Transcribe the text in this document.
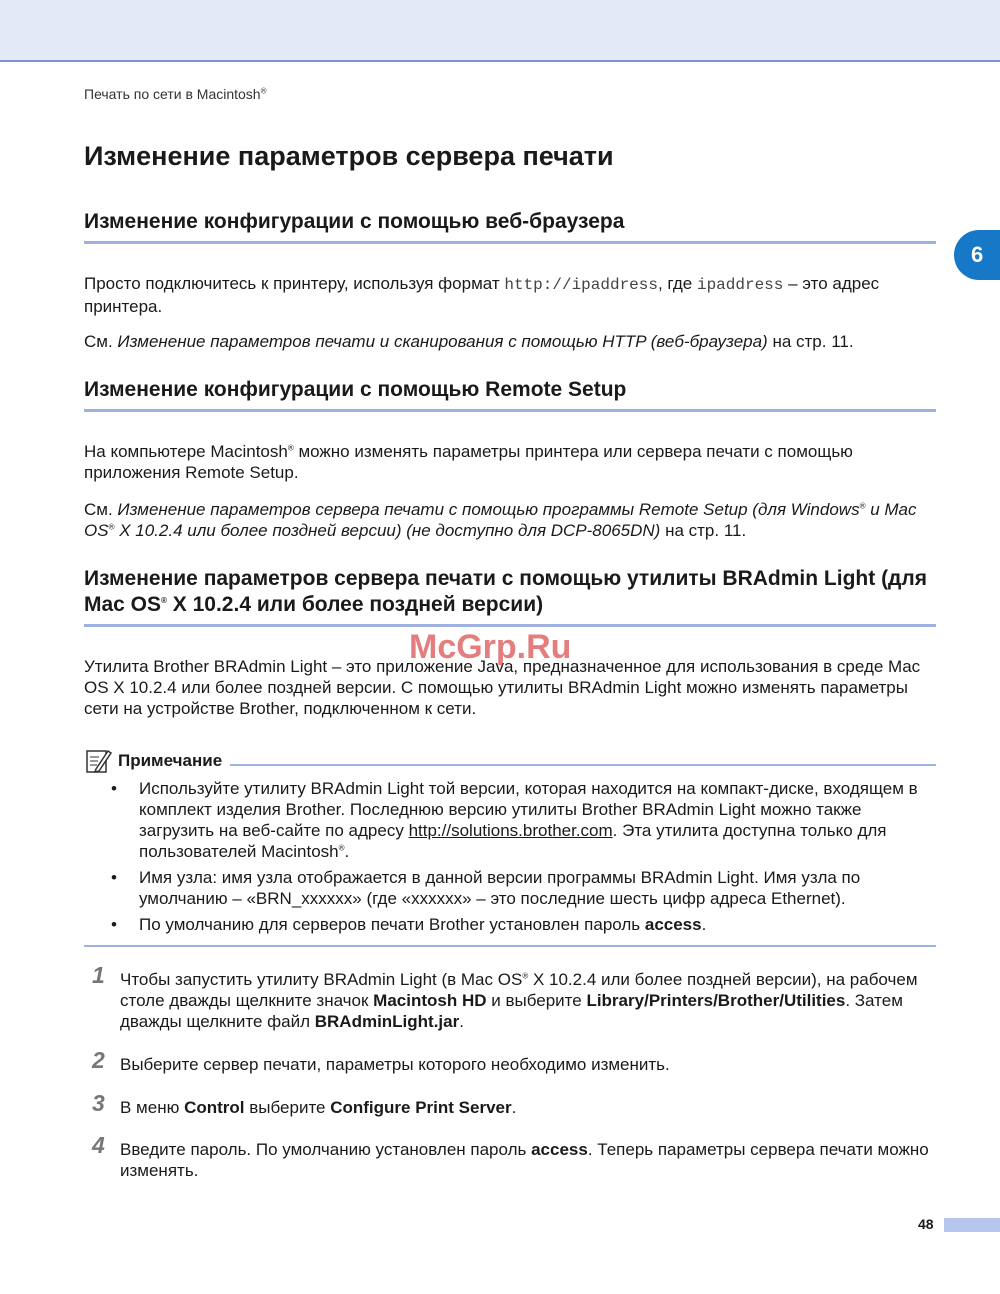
Печать по сети в Macintosh®
6
Изменение параметров сервера печати
Изменение конфигурации с помощью веб-браузера

Просто подключитесь к принтеру, используя формат http://ipaddress, где ipaddress – это адрес принтера.

См. Изменение параметров печати и сканирования с помощью HTTP (веб-браузера) на стр. 11.

Изменение конфигурации с помощью Remote Setup

На компьютере Macintosh® можно изменять параметры принтера или сервера печати с помощью приложения Remote Setup.

См. Изменение параметров сервера печати с помощью программы Remote Setup (для Windows® и Mac OS® X 10.2.4 или более поздней версии) (не доступно для DCP-8065DN) на стр. 11.

Изменение параметров сервера печати с помощью утилиты BRAdmin Light (для Mac OS® X 10.2.4 или более поздней версии)

Утилита Brother BRAdmin Light – это приложение Java, предназначенное для использования в среде Mac OS X 10.2.4 или более поздней версии. С помощью утилиты BRAdmin Light можно изменять параметры сети на устройстве Brother, подключенном к сети.

McGrp.Ru
Примечание
• Используйте утилиту BRAdmin Light той версии, которая находится на компакт-диске, входящем в комплект изделия Brother. Последнюю версию утилиты Brother BRAdmin Light можно также загрузить на веб-сайте по адресу http://solutions.brother.com. Эта утилита доступна только для пользователей Macintosh®.
• Имя узла: имя узла отображается в данной версии программы BRAdmin Light. Имя узла по умолчанию – «BRN_xxxxxx» (где «xxxxxx» – это последние шесть цифр адреса Ethernet).
• По умолчанию для серверов печати Brother установлен пароль access.
1 Чтобы запустить утилиту BRAdmin Light (в Mac OS® X 10.2.4 или более поздней версии), на рабочем столе дважды щелкните значок Macintosh HD и выберите Library/Printers/Brother/Utilities. Затем дважды щелкните файл BRAdminLight.jar.
2 Выберите сервер печати, параметры которого необходимо изменить.
3 В меню Control выберите Configure Print Server.
4 Введите пароль. По умолчанию установлен пароль access. Теперь параметры сервера печати можно изменять.
48
